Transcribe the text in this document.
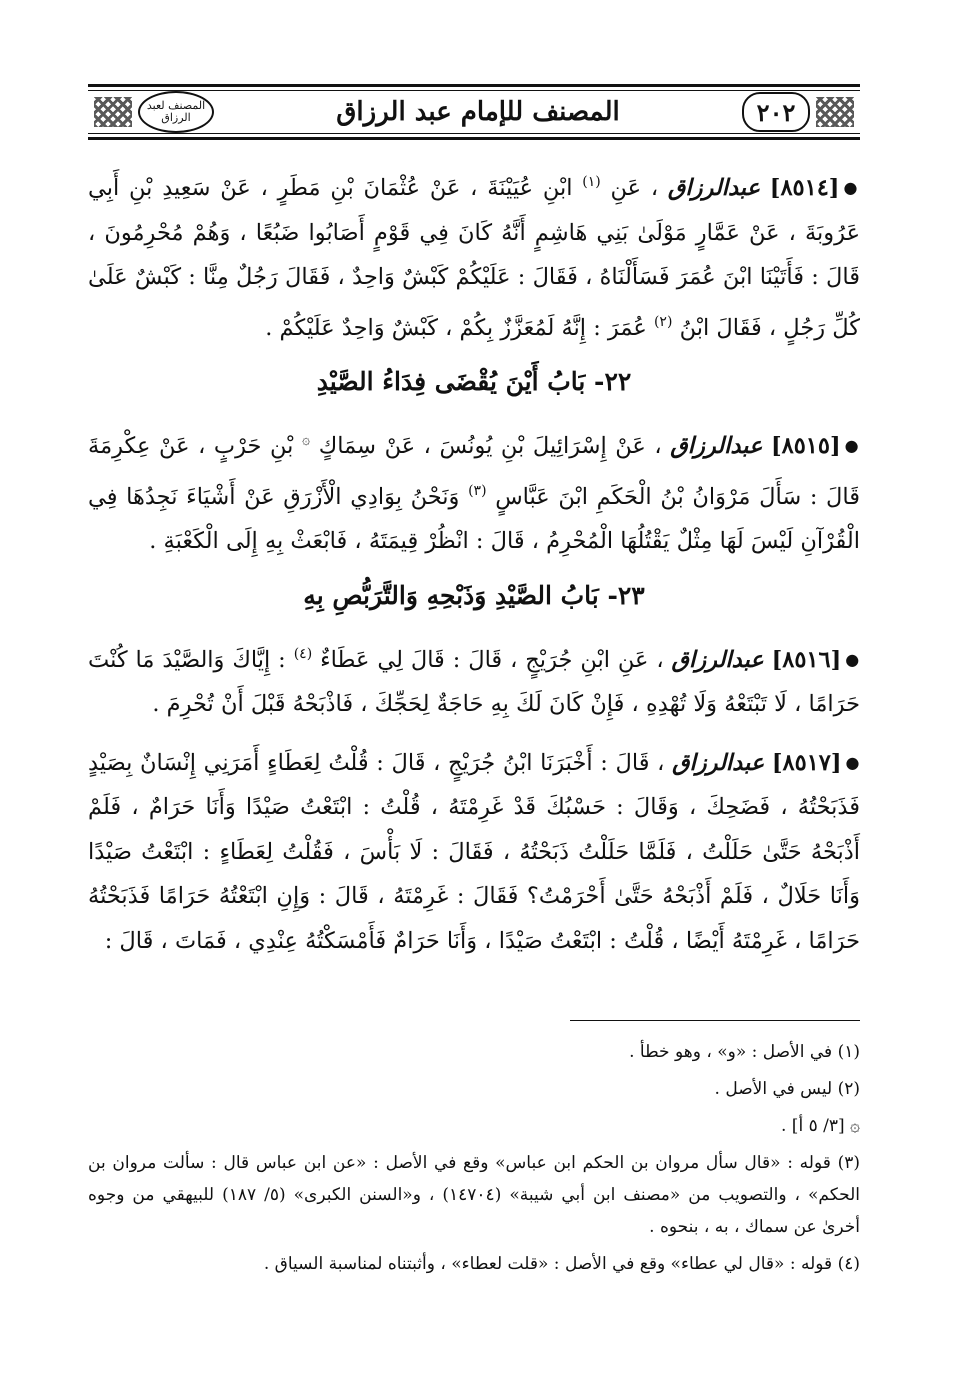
المصنف لعبد الرزاق	المصنف للإمام عبد الرزاق	٢٠٢

●[٨٥١٤] عبدالرزاق ، عَنِ $^{(١)}$ ابْنِ عُيَيْنَةَ ، عَنْ عُثْمَانَ بْنِ مَطَرٍ ، عَنْ سَعِيدِ بْنِ أَبِي عَرُوبَةَ ، عَنْ عَمَّارٍ مَوْلَىٰ بَنِي هَاشِمٍ أَنَّهُ كَانَ فِي قَوْمٍ أَصَابُوا ضَبُعًا ، وَهُمْ مُحْرِمُونَ ، قَالَ : فَأَتَيْنَا ابْنَ عُمَرَ فَسَأَلْنَاهُ ، فَقَالَ : عَلَيْكُمْ كَبْشٌ وَاحِدٌ ، فَقَالَ رَجُلٌ مِنَّا : كَبْشٌ عَلَىٰ كُلِّ رَجُلٍ ، فَقَالَ ابْنُ $^{(٢)}$ عُمَرَ : إِنَّهُ لَمُعَزَّزٌ بِكُمْ ، كَبْشٌ وَاحِدٌ عَلَيْكُمْ .

٢٢- بَابُ أَيْنَ يُقْضَى فِدَاءُ الصَّيْدِ

●[٨٥١٥] عبدالرزاق ، عَنْ إِسْرَائِيلَ بْنِ يُونُسَ ، عَنْ سِمَاكٍ ۞ بْنِ حَرْبٍ ، عَنْ عِكْرِمَةَ قَالَ : سَأَلَ مَرْوَانُ بْنُ الْحَكَمِ ابْنَ عَبَّاسٍ $^{(٣)}$ وَنَحْنُ بِوَادِي الْأَزْرَقِ عَنْ أَشْيَاءَ نَجِدُهَا فِي الْقُرْآنِ لَيْسَ لَهَا مِثْلٌ يَقْتُلُهَا الْمُحْرِمُ ، قَالَ : انْظُرْ قِيمَتَهُ ، فَابْعَثْ بِهِ إِلَى الْكَعْبَةِ .

٢٣- بَابُ الصَّيْدِ وَذَبْحِهِ وَالتَّرَبُّصِ بِهِ

●[٨٥١٦] عبدالرزاق ، عَنِ ابْنِ جُرَيْجٍ ، قَالَ : قَالَ لِي عَطَاءٌ $^{(٤)}$ : إِيَّاكَ وَالصَّيْدَ مَا كُنْتَ حَرَامًا ، لَا تَبْتَعْهُ وَلَا تُهْدِهِ ، فَإِنْ كَانَ لَكَ بِهِ حَاجَةٌ لِحَجِّكَ ، فَاذْبَحْهُ قَبْلَ أَنْ تُحْرِمَ .

●[٨٥١٧] عبدالرزاق ، قَالَ : أَخْبَرَنَا ابْنُ جُرَيْجٍ ، قَالَ : قُلْتُ لِعَطَاءٍ أَمَرَنِي إِنْسَانٌ بِصَيْدٍ فَذَبَحْتُهُ ، فَضَحِكَ ، وَقَالَ : حَسْبُكَ قَدْ غَرِمْتَهُ ، قُلْتُ : ابْتَعْتُ صَيْدًا وَأَنَا حَرَامٌ ، فَلَمْ أَذْبَحْهُ حَتَّىٰ حَلَلْتُ ، فَلَمَّا حَلَلْتُ ذَبَحْتُهُ ، فَقَالَ : لَا بَأْسَ ، فَقُلْتُ لِعَطَاءٍ : ابْتَعْتُ صَيْدًا وَأَنَا حَلَالٌ ، فَلَمْ أَذْبَحْهُ حَتَّىٰ أَحْرَمْتُ؟ فَقَالَ : غَرِمْتَهُ ، قَالَ : وَإِنِ ابْتَعْتُهُ حَرَامًا فَذَبَحْتُهُ حَرَامًا ، غَرِمْتَهُ أَيْضًا ، قُلْتُ : ابْتَعْتُ صَيْدًا ، وَأَنَا حَرَامٌ فَأَمْسَكْتُهُ عِنْدِي ، فَمَاتَ ، قَالَ :

(١) في الأصل : «و» ، وهو خطأ .

(٢) ليس في الأصل .

۞ [٣/ ٥ أ] .

(٣) قوله : «قال سأل مروان بن الحكم ابن عباس» وقع في الأصل : «عن ابن عباس قال : سألت مروان بن الحكم» ، والتصويب من «مصنف ابن أبي شيبة» (١٤٧٠٤) ، و«السنن الكبرى» (٥/ ١٨٧) للبيهقي من وجوه أخرىٰ عن سماك ، به ، بنحوه .

(٤) قوله : «قال لي عطاء» وقع في الأصل : «قلت لعطاء» ، وأثبتناه لمناسبة السياق .
